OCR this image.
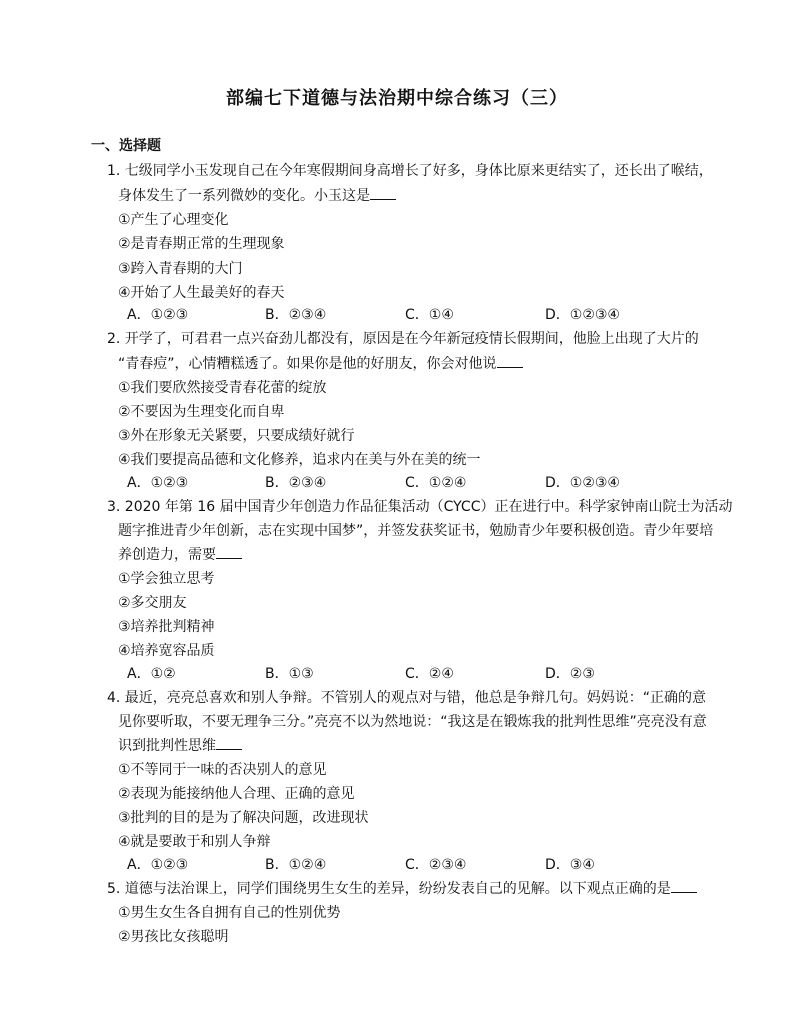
部编七下道德与法治期中综合练习（三）
一、选择题
1. 七级同学小玉发现自己在今年寒假期间身高增长了好多，身体比原来更结实了，还长出了喉结，
身体发生了一系列微妙的变化。小玉这是
①产生了心理变化
②是青春期正常的生理现象
③跨入青春期的大门
④开始了人生最美好的春天
A．①②③	B．②③④	C．①④	D．①②③④
2. 开学了，可君君一点兴奋劲儿都没有，原因是在今年新冠疫情长假期间，他脸上出现了大片的
“青春痘”，心情糟糕透了。如果你是他的好朋友，你会对他说
①我们要欣然接受青春花蕾的绽放
②不要因为生理变化而自卑
③外在形象无关紧要，只要成绩好就行
④我们要提高品德和文化修养，追求内在美与外在美的统一
A．①②③	B．②③④	C．①②④	D．①②③④
3. 2020 年第 16 届中国青少年创造力作品征集活动（CYCC）正在进行中。科学家钟南山院士为活动
题字推进青少年创新，志在实现中国梦”，并签发获奖证书，勉励青少年要积极创造。青少年要培
养创造力，需要
①学会独立思考
②多交朋友
③培养批判精神
④培养宽容品质
A．①②	B．①③	C．②④	D．②③
4. 最近，亮亮总喜欢和别人争辩。不管别人的观点对与错，他总是争辩几句。妈妈说：“正确的意
见你要听取，不要无理争三分。”亮亮不以为然地说：“我这是在锻炼我的批判性思维”亮亮没有意
识到批判性思维
①不等同于一味的否决别人的意见
②表现为能接纳他人合理、正确的意见
③批判的目的是为了解决问题，改进现状
④就是要敢于和别人争辩
A．①②③	B．①②④	C．②③④	D．③④
5. 道德与法治课上，同学们围绕男生女生的差异，纷纷发表自己的见解。以下观点正确的是
①男生女生各自拥有自己的性别优势
②男孩比女孩聪明
